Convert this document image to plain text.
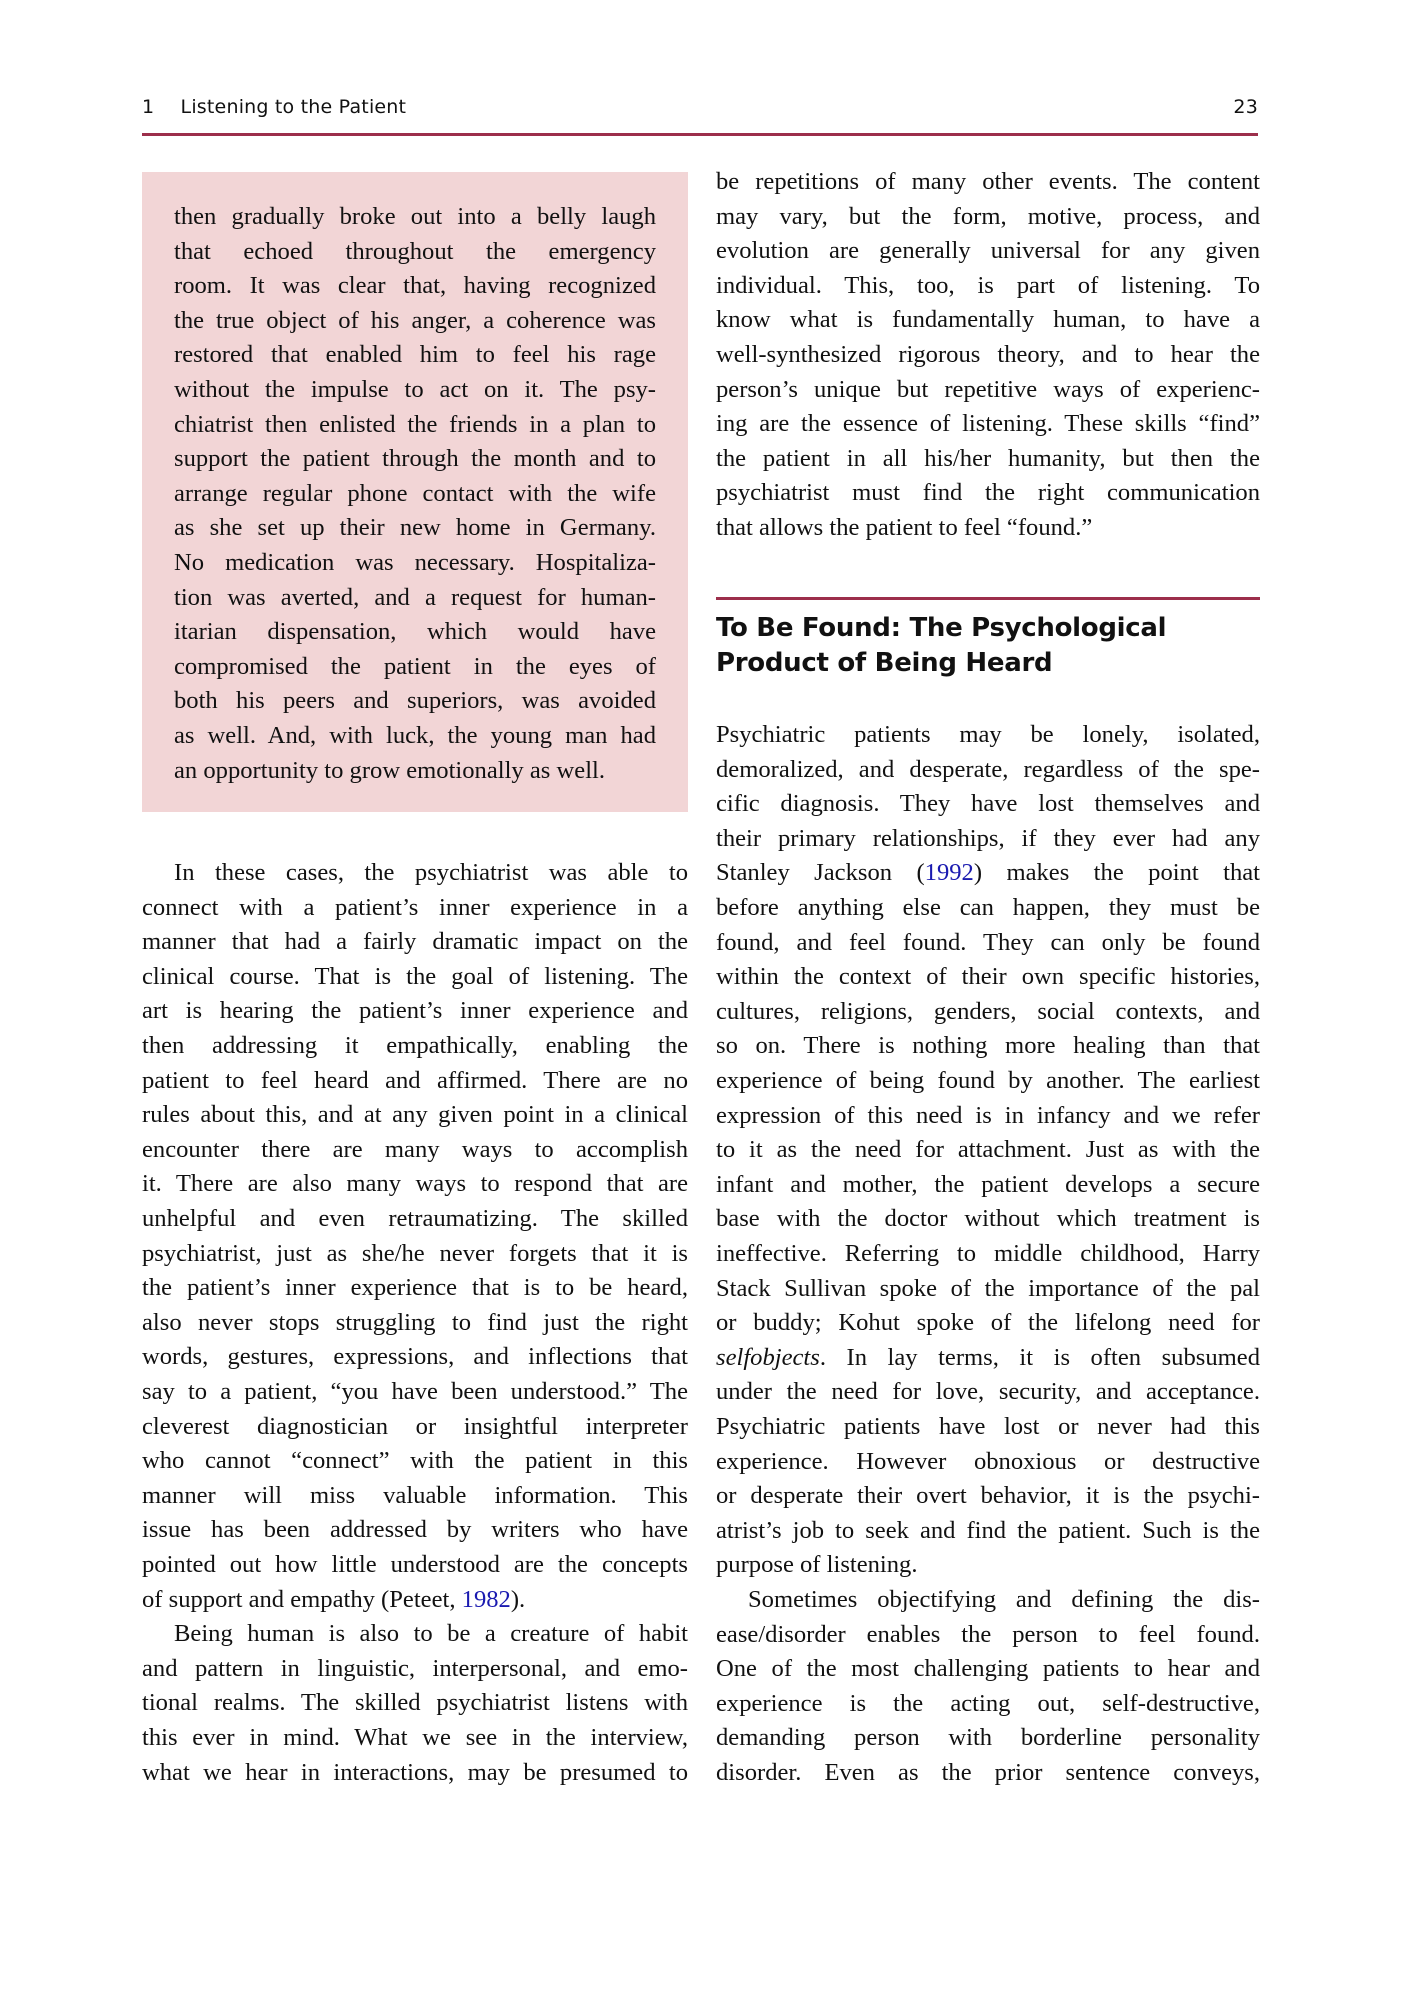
1 Listening to the Patient	23
then gradually broke out into a belly laugh
that echoed throughout the emergency
room. It was clear that, having recognized
the true object of his anger, a coherence was
restored that enabled him to feel his rage
without the impulse to act on it. The psy-
chiatrist then enlisted the friends in a plan to
support the patient through the month and to
arrange regular phone contact with the wife
as she set up their new home in Germany.
No medication was necessary. Hospitaliza-
tion was averted, and a request for human-
itarian dispensation, which would have
compromised the patient in the eyes of
both his peers and superiors, was avoided
as well. And, with luck, the young man had
an opportunity to grow emotionally as well.
In these cases, the psychiatrist was able to
connect with a patient’s inner experience in a
manner that had a fairly dramatic impact on the
clinical course. That is the goal of listening. The
art is hearing the patient’s inner experience and
then addressing it empathically, enabling the
patient to feel heard and affirmed. There are no
rules about this, and at any given point in a clinical
encounter there are many ways to accomplish
it. There are also many ways to respond that are
unhelpful and even retraumatizing. The skilled
psychiatrist, just as she/he never forgets that it is
the patient’s inner experience that is to be heard,
also never stops struggling to find just the right
words, gestures, expressions, and inflections that
say to a patient, “you have been understood.” The
cleverest diagnostician or insightful interpreter
who cannot “connect” with the patient in this
manner will miss valuable information. This
issue has been addressed by writers who have
pointed out how little understood are the concepts
of support and empathy (Peteet, 1982).
Being human is also to be a creature of habit
and pattern in linguistic, interpersonal, and emo-
tional realms. The skilled psychiatrist listens with
this ever in mind. What we see in the interview,
what we hear in interactions, may be presumed to
be repetitions of many other events. The content
may vary, but the form, motive, process, and
evolution are generally universal for any given
individual. This, too, is part of listening. To
know what is fundamentally human, to have a
well-synthesized rigorous theory, and to hear the
person’s unique but repetitive ways of experienc-
ing are the essence of listening. These skills “find”
the patient in all his/her humanity, but then the
psychiatrist must find the right communication
that allows the patient to feel “found.”
To Be Found: The Psychological
Product of Being Heard
Psychiatric patients may be lonely, isolated,
demoralized, and desperate, regardless of the spe-
cific diagnosis. They have lost themselves and
their primary relationships, if they ever had any
Stanley Jackson (1992) makes the point that
before anything else can happen, they must be
found, and feel found. They can only be found
within the context of their own specific histories,
cultures, religions, genders, social contexts, and
so on. There is nothing more healing than that
experience of being found by another. The earliest
expression of this need is in infancy and we refer
to it as the need for attachment. Just as with the
infant and mother, the patient develops a secure
base with the doctor without which treatment is
ineffective. Referring to middle childhood, Harry
Stack Sullivan spoke of the importance of the pal
or buddy; Kohut spoke of the lifelong need for
selfobjects. In lay terms, it is often subsumed
under the need for love, security, and acceptance.
Psychiatric patients have lost or never had this
experience. However obnoxious or destructive
or desperate their overt behavior, it is the psychi-
atrist’s job to seek and find the patient. Such is the
purpose of listening.
Sometimes objectifying and defining the dis-
ease/disorder enables the person to feel found.
One of the most challenging patients to hear and
experience is the acting out, self-destructive,
demanding person with borderline personality
disorder. Even as the prior sentence conveys,
